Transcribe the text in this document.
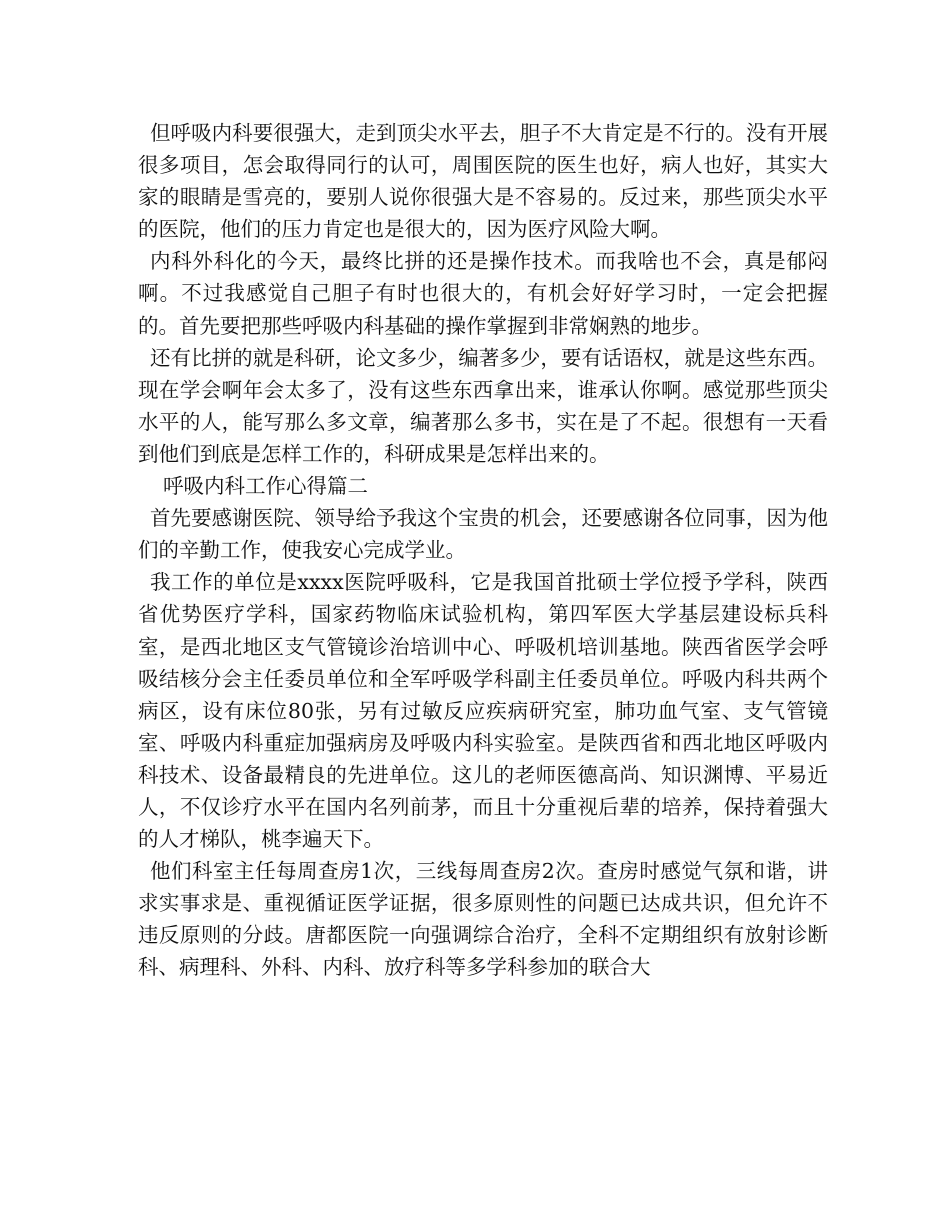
但呼吸内科要很强大，走到顶尖水平去，胆子不大肯定是不行的。没有开展很多项目，怎会取得同行的认可，周围医院的医生也好，病人也好，其实大家的眼睛是雪亮的，要别人说你很强大是不容易的。反过来，那些顶尖水平的医院，他们的压力肯定也是很大的，因为医疗风险大啊。

内科外科化的今天，最终比拼的还是操作技术。而我啥也不会，真是郁闷啊。不过我感觉自己胆子有时也很大的，有机会好好学习时，一定会把握的。首先要把那些呼吸内科基础的操作掌握到非常娴熟的地步。

还有比拼的就是科研，论文多少，编著多少，要有话语权，就是这些东西。现在学会啊年会太多了，没有这些东西拿出来，谁承认你啊。感觉那些顶尖水平的人，能写那么多文章，编著那么多书，实在是了不起。很想有一天看到他们到底是怎样工作的，科研成果是怎样出来的。

呼吸内科工作心得篇二

首先要感谢医院、领导给予我这个宝贵的机会，还要感谢各位同事，因为他们的辛勤工作，使我安心完成学业。

我工作的单位是xxxx医院呼吸科，它是我国首批硕士学位授予学科，陕西省优势医疗学科，国家药物临床试验机构，第四军医大学基层建设标兵科室，是西北地区支气管镜诊治培训中心、呼吸机培训基地。陕西省医学会呼吸结核分会主任委员单位和全军呼吸学科副主任委员单位。呼吸内科共两个病区，设有床位80张，另有过敏反应疾病研究室，肺功血气室、支气管镜室、呼吸内科重症加强病房及呼吸内科实验室。是陕西省和西北地区呼吸内科技术、设备最精良的先进单位。这儿的老师医德高尚、知识渊博、平易近人，不仅诊疗水平在国内名列前茅，而且十分重视后辈的培养，保持着强大的人才梯队，桃李遍天下。

他们科室主任每周查房1次，三线每周查房2次。查房时感觉气氛和谐，讲求实事求是、重视循证医学证据，很多原则性的问题已达成共识，但允许不违反原则的分歧。唐都医院一向强调综合治疗，全科不定期组织有放射诊断科、病理科、外科、内科、放疗科等多学科参加的联合大
